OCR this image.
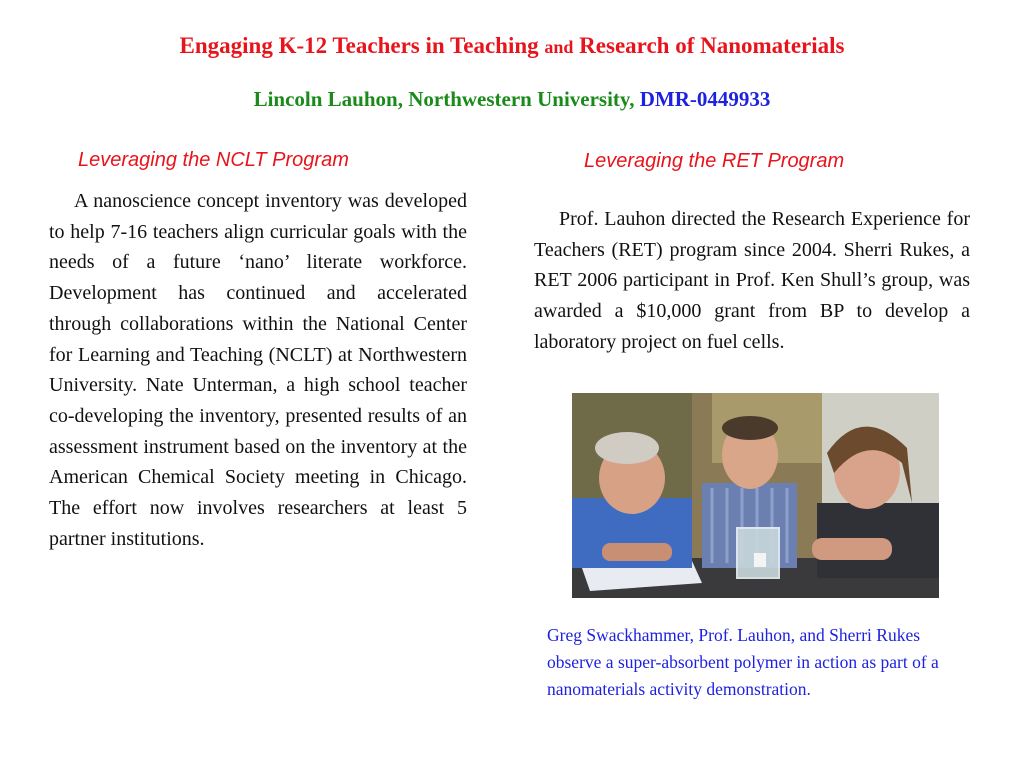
Engaging K-12 Teachers in Teaching and Research of Nanomaterials
Lincoln Lauhon, Northwestern University, DMR-0449933
Leveraging the NCLT Program
A nanoscience concept inventory was developed to help 7-16 teachers align curricular goals with the needs of a future ‘nano’ literate workforce. Development has continued and accelerated through collaborations within the National Center for Learning and Teaching (NCLT) at Northwestern University. Nate Unterman, a high school teacher co-developing the inventory, presented results of an assessment instrument based on the inventory at the American Chemical Society meeting in Chicago. The effort now involves researchers at least 5 partner institutions.
Leveraging the RET Program
Prof. Lauhon directed the Research Experience for Teachers (RET) program since 2004. Sherri Rukes, a RET 2006 participant in Prof. Ken Shull’s group, was awarded a $10,000 grant from BP to develop a laboratory project on fuel cells.
Greg Swackhammer, Prof. Lauhon, and Sherri Rukes observe a super-absorbent polymer in action as part of a nanomaterials activity demonstration.
